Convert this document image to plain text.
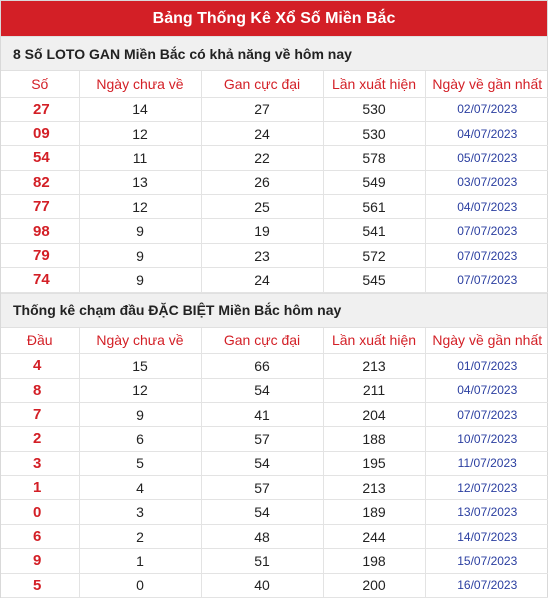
Bảng Thống Kê Xổ Số Miền Bắc
8 Số LOTO GAN Miền Bắc có khả năng về hôm nay
Số	Ngày chưa về	Gan cực đại	Lần xuất hiện	Ngày về gần nhất
27	14	27	530	02/07/2023
09	12	24	530	04/07/2023
54	11	22	578	05/07/2023
82	13	26	549	03/07/2023
77	12	25	561	04/07/2023
98	9	19	541	07/07/2023
79	9	23	572	07/07/2023
74	9	24	545	07/07/2023
Thống kê chạm đầu ĐẶC BIỆT Miền Bắc hôm nay
Đầu	Ngày chưa về	Gan cực đại	Lần xuất hiện	Ngày về gần nhất
4	15	66	213	01/07/2023
8	12	54	211	04/07/2023
7	9	41	204	07/07/2023
2	6	57	188	10/07/2023
3	5	54	195	11/07/2023
1	4	57	213	12/07/2023
0	3	54	189	13/07/2023
6	2	48	244	14/07/2023
9	1	51	198	15/07/2023
5	0	40	200	16/07/2023
